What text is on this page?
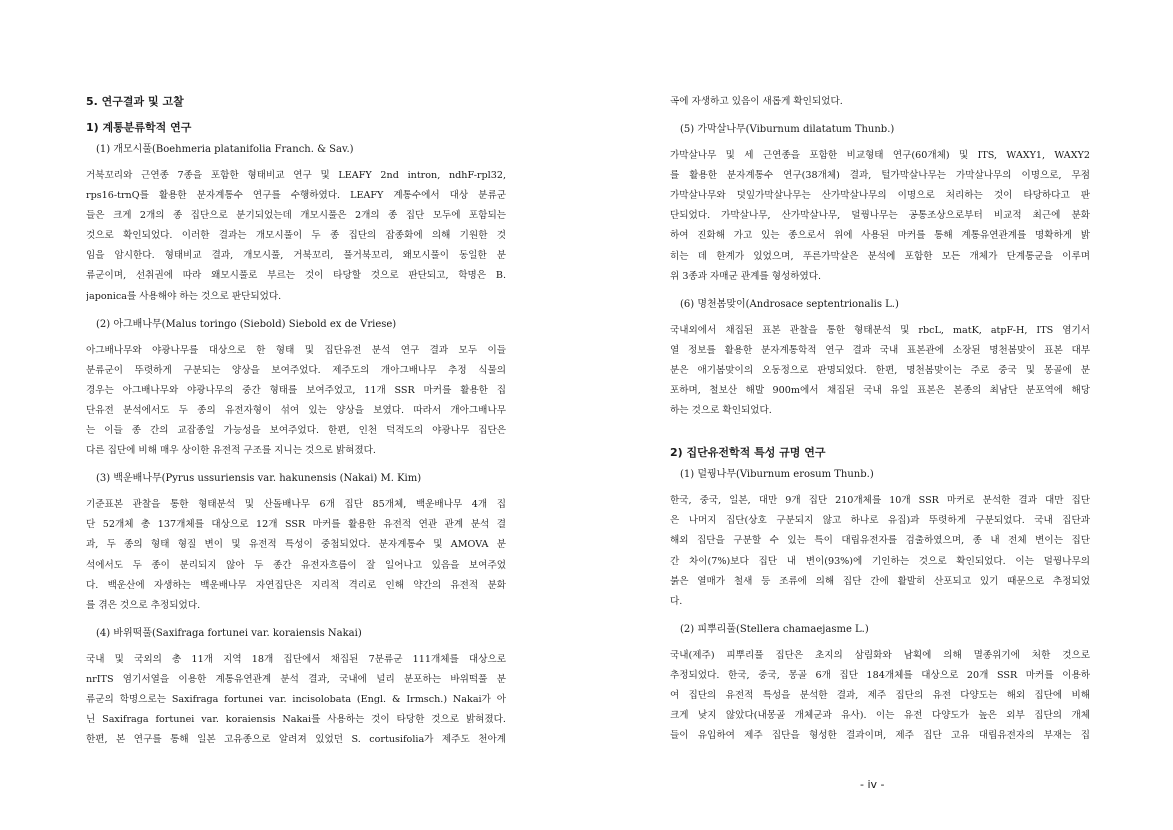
5. 연구결과 및 고찰
1) 계통분류학적 연구
(1) 개모시풀(Boehmeria platanifolia Franch. & Sav.)
거북꼬리와 근연종 7종을 포함한 형태비교 연구 및 LEAFY 2nd intron, ndhF-rpl32,
rps16-trnQ를 활용한 분자계통수 연구를 수행하였다. LEAFY 계통수에서 대상 분류군
들은 크게 2개의 종 집단으로 분기되었는데 개모시풀은 2개의 종 집단 모두에 포함되는
것으로 확인되었다. 이러한 결과는 개모시풀이 두 종 집단의 잡종화에 의해 기원한 것
임을 암시한다. 형태비교 결과, 개모시풀, 거북꼬리, 풀거북꼬리, 왜모시풀이 동일한 분
류군이며, 선취권에 따라 왜모시풀로 부르는 것이 타당할 것으로 판단되고, 학명은 B.
japonica를 사용해야 하는 것으로 판단되었다.
(2) 아그배나무(Malus toringo (Siebold) Siebold ex de Vriese)
아그배나무와 야광나무를 대상으로 한 형태 및 집단유전 분석 연구 결과 모두 이들
분류군이 뚜렷하게 구분되는 양상을 보여주었다. 제주도의 개아그배나무 추정 식물의
경우는 아그배나무와 야광나무의 중간 형태를 보여주었고, 11개 SSR 마커를 활용한 집
단유전 분석에서도 두 종의 유전자형이 섞여 있는 양상을 보였다. 따라서 개아그배나무
는 이들 종 간의 교잡종일 가능성을 보여주었다. 한편, 인천 덕적도의 야광나무 집단은
다른 집단에 비해 매우 상이한 유전적 구조를 지니는 것으로 밝혀졌다.
(3) 백운배나무(Pyrus ussuriensis var. hakunensis (Nakai) M. Kim)
기준표본 관찰을 통한 형태분석 및 산돌배나무 6개 집단 85개체, 백운배나무 4개 집
단 52개체 총 137개체를 대상으로 12개 SSR 마커를 활용한 유전적 연관 관계 분석 결
과, 두 종의 형태 형질 변이 및 유전적 특성이 중첩되었다. 분자계통수 및 AMOVA 분
석에서도 두 종이 분리되지 않아 두 종간 유전자흐름이 잘 일어나고 있음을 보여주었
다. 백운산에 자생하는 백운배나무 자연집단은 지리적 격리로 인해 약간의 유전적 분화
를 겪은 것으로 추정되었다.
(4) 바위떡풀(Saxifraga fortunei var. koraiensis Nakai)
국내 및 국외의 총 11개 지역 18개 집단에서 채집된 7분류군 111개체를 대상으로
nrITS 염기서열을 이용한 계통유연관계 분석 결과, 국내에 널리 분포하는 바위떡풀 분
류군의 학명으로는 Saxifraga fortunei var. incisolobata (Engl. & Irmsch.) Nakai가 아
닌 Saxifraga fortunei var. koraiensis Nakai를 사용하는 것이 타당한 것으로 밝혀졌다.
한편, 본 연구를 통해 일본 고유종으로 알려져 있었던 S. cortusifolia가 제주도 천아계
곡에 자생하고 있음이 새롭게 확인되었다.
(5) 가막살나무(Viburnum dilatatum Thunb.)
가막살나무 및 세 근연종을 포함한 비교형태 연구(60개체) 및 ITS, WAXY1, WAXY2
를 활용한 분자계통수 연구(38개체) 결과, 털가막살나무는 가막살나무의 이명으로, 무점
가막살나무와 덧잎가막살나무는 산가막살나무의 이명으로 처리하는 것이 타당하다고 판
단되었다. 가막살나무, 산가막살나무, 덜꿩나무는 공통조상으로부터 비교적 최근에 분화
하여 진화해 가고 있는 종으로서 위에 사용된 마커를 통해 계통유연관계를 명확하게 밝
히는 데 한계가 있었으며, 푸른가막살은 분석에 포함한 모든 개체가 단계통군을 이루며
위 3종과 자매군 관계를 형성하였다.
(6) 명천봄맞이(Androsace septentrionalis L.)
국내외에서 채집된 표본 관찰을 통한 형태분석 및 rbcL, matK, atpF-H, ITS 염기서
열 정보를 활용한 분자계통학적 연구 결과 국내 표본관에 소장된 명천봄맞이 표본 대부
분은 애기봄맞이의 오동정으로 판명되었다. 한편, 명천봄맞이는 주로 중국 및 몽골에 분
포하며, 철보산 해발 900m에서 채집된 국내 유일 표본은 본종의 최남단 분포역에 해당
하는 것으로 확인되었다.
2) 집단유전학적 특성 규명 연구
(1) 덜꿩나무(Viburnum erosum Thunb.)
한국, 중국, 일본, 대만 9개 집단 210개체를 10개 SSR 마커로 분석한 결과 대만 집단
은 나머지 집단(상호 구분되지 않고 하나로 유집)과 뚜렷하게 구분되었다. 국내 집단과
해외 집단을 구분할 수 있는 특이 대립유전자를 검출하였으며, 종 내 전체 변이는 집단
간 차이(7%)보다 집단 내 변이(93%)에 기인하는 것으로 확인되었다. 이는 덜꿩나무의
붉은 열매가 철새 등 조류에 의해 집단 간에 활발히 산포되고 있기 때문으로 추정되었
다.
(2) 피뿌리풀(Stellera chamaejasme L.)
국내(제주) 피뿌리풀 집단은 초지의 삼림화와 남획에 의해 멸종위기에 처한 것으로
추정되었다. 한국, 중국, 몽골 6개 집단 184개체를 대상으로 20개 SSR 마커를 이용하
여 집단의 유전적 특성을 분석한 결과, 제주 집단의 유전 다양도는 해외 집단에 비해
크게 낮지 않았다(내몽골 개체군과 유사). 이는 유전 다양도가 높은 외부 집단의 개체
들이 유입하여 제주 집단을 형성한 결과이며, 제주 집단 고유 대립유전자의 부재는 집
- iv -
